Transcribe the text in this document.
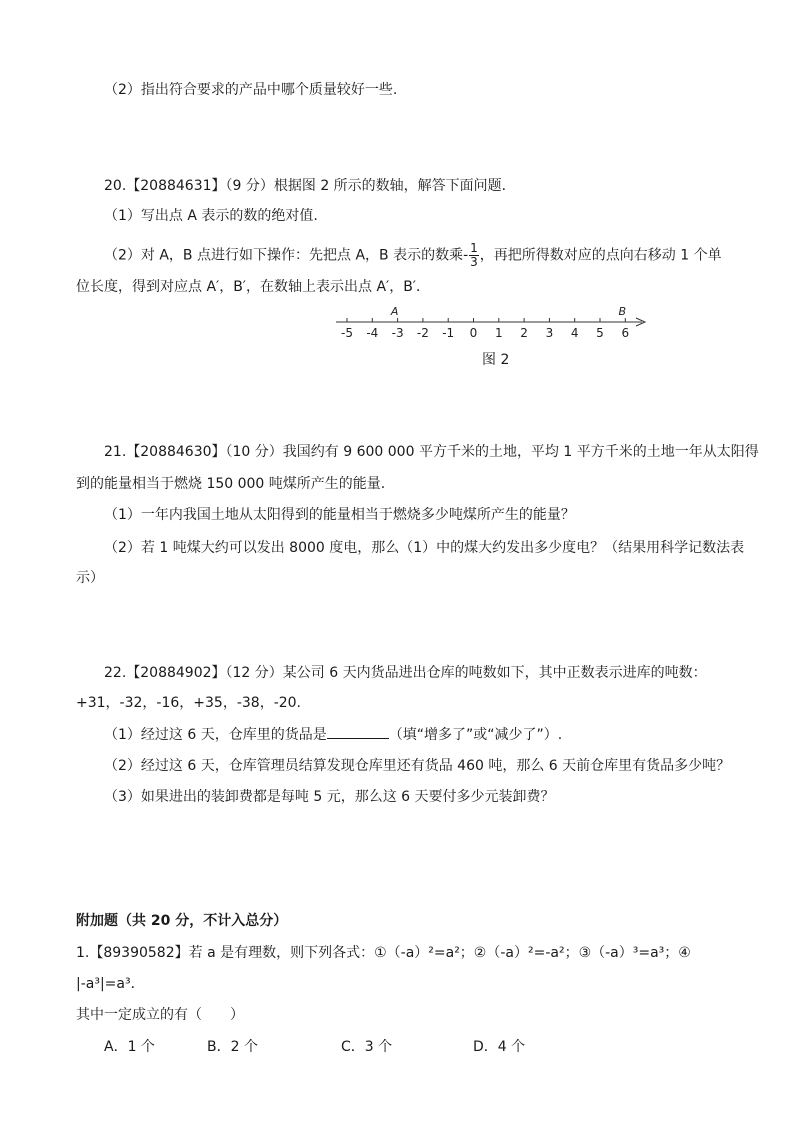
（2）指出符合要求的产品中哪个质量较好一些.
20.【20884631】（9 分）根据图 2 所示的数轴，解答下面问题．
（1）写出点 A 表示的数的绝对值.
（2）对 A，B 点进行如下操作：先把点 A，B 表示的数乘- $\frac{1}{3}$ ，再把所得数对应的点向右移动 1 个单
位长度，得到对应点 A′，B′，在数轴上表示出点 A′，B′．
-5 -4 -3 -2 -1 0 1 2 3 4 5 6
A	B
图 2
21.【20884630】（10 分）我国约有 9 600 000 平方千米的土地，平均 1 平方千米的土地一年从太阳得
到的能量相当于燃烧 150 000 吨煤所产生的能量.
（1）一年内我国土地从太阳得到的能量相当于燃烧多少吨煤所产生的能量？
（2）若 1 吨煤大约可以发出 8000 度电，那么（1）中的煤大约发出多少度电？（结果用科学记数法表
示）
22.【20884902】（12 分）某公司 6 天内货品进出仓库的吨数如下，其中正数表示进库的吨数：
+31，-32，-16，+35，-38，-20.
（1）经过这 6 天，仓库里的货品是	（填“增多了”或“减少了”）.
（2）经过这 6 天，仓库管理员结算发现仓库里还有货品 460 吨，那么 6 天前仓库里有货品多少吨？
（3）如果进出的装卸费都是每吨 5 元，那么这 6 天要付多少元装卸费？
附加题（共 20 分，不计入总分）
1.【89390582】若 a 是有理数，则下列各式：①（-a）²=a²；②（-a）²=-a²；③（-a）³=a³；④
|-a³|=a³．
其中一定成立的有（　　）
A．1 个	B．2 个	C．3 个	D．4 个
